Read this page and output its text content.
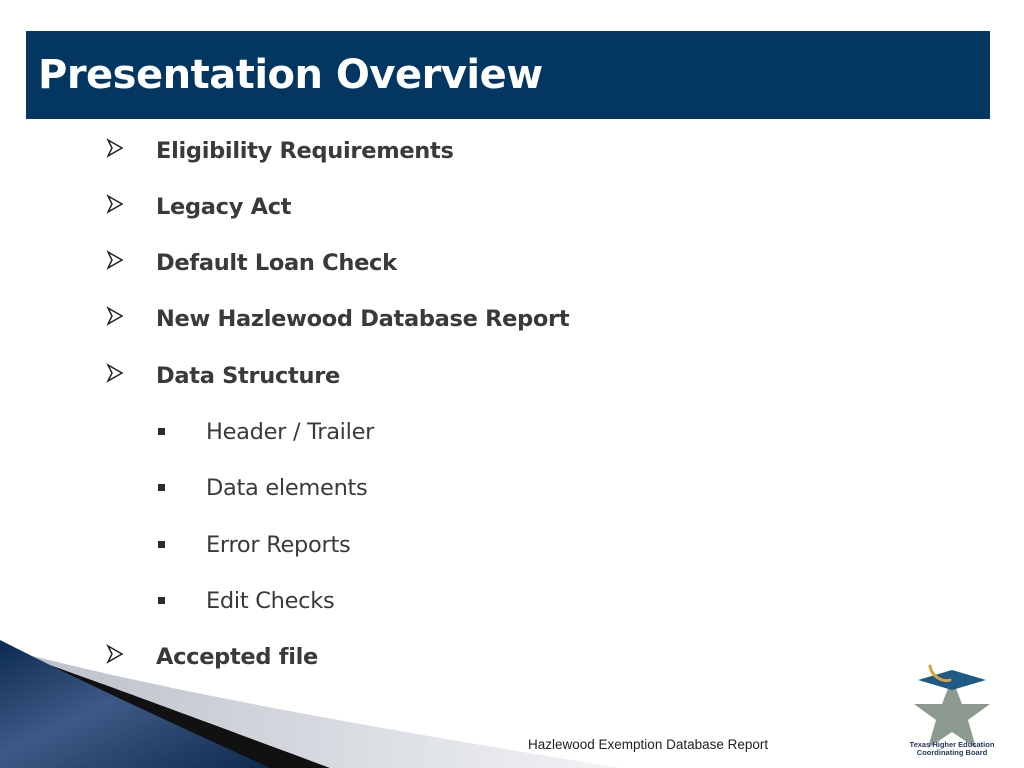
Presentation Overview
Eligibility Requirements
Legacy Act
Default Loan Check
New Hazlewood Database Report
Data Structure
Header / Trailer
Data elements
Error Reports
Edit Checks
Accepted file
Hazlewood Exemption Database Report	Texas Higher Education
Coordinating Board
